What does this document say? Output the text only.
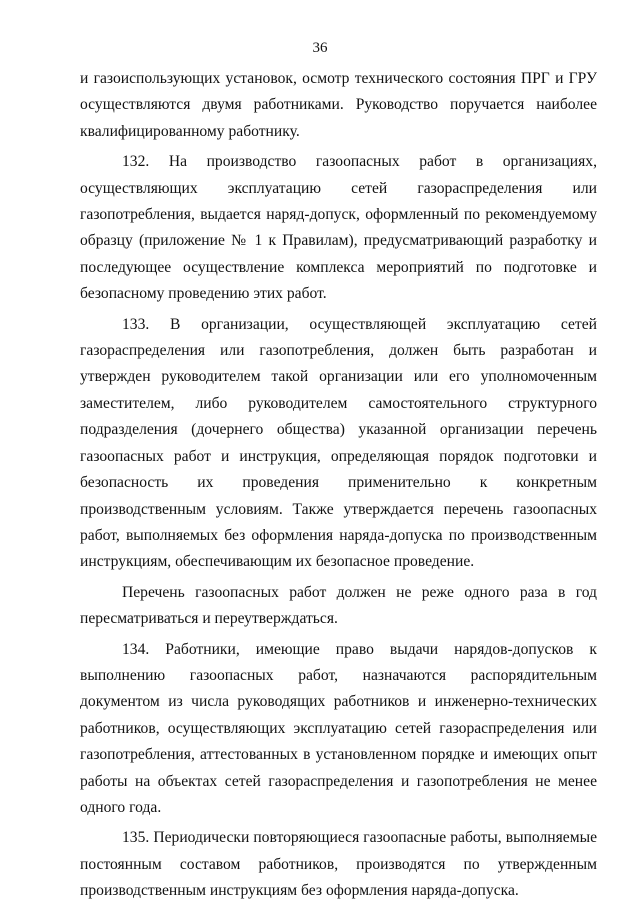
36

и газоиспользующих установок, осмотр технического состояния ПРГ и ГРУ осуществляются двумя работниками. Руководство поручается наиболее квалифицированному работнику.

132. На производство газоопасных работ в организациях, осуществляющих эксплуатацию сетей газораспределения или газопотребления, выдается наряд-допуск, оформленный по рекомендуемому образцу (приложение № 1 к Правилам), предусматривающий разработку и последующее осуществление комплекса мероприятий по подготовке и безопасному проведению этих работ.

133. В организации, осуществляющей эксплуатацию сетей газораспределения или газопотребления, должен быть разработан и утвержден руководителем такой организации или его уполномоченным заместителем, либо руководителем самостоятельного структурного подразделения (дочернего общества) указанной организации перечень газоопасных работ и инструкция, определяющая порядок подготовки и безопасность их проведения применительно к конкретным производственным условиям. Также утверждается перечень газоопасных работ, выполняемых без оформления наряда-допуска по производственным инструкциям, обеспечивающим их безопасное проведение.

Перечень газоопасных работ должен не реже одного раза в год пересматриваться и переутверждаться.

134. Работники, имеющие право выдачи нарядов-допусков к выполнению газоопасных работ, назначаются распорядительным документом из числа руководящих работников и инженерно-технических работников, осуществляющих эксплуатацию сетей газораспределения или газопотребления, аттестованных в установленном порядке и имеющих опыт работы на объектах сетей газораспределения и газопотребления не менее одного года.

135. Периодически повторяющиеся газоопасные работы, выполняемые постоянным составом работников, производятся по утвержденным производственным инструкциям без оформления наряда-допуска.
